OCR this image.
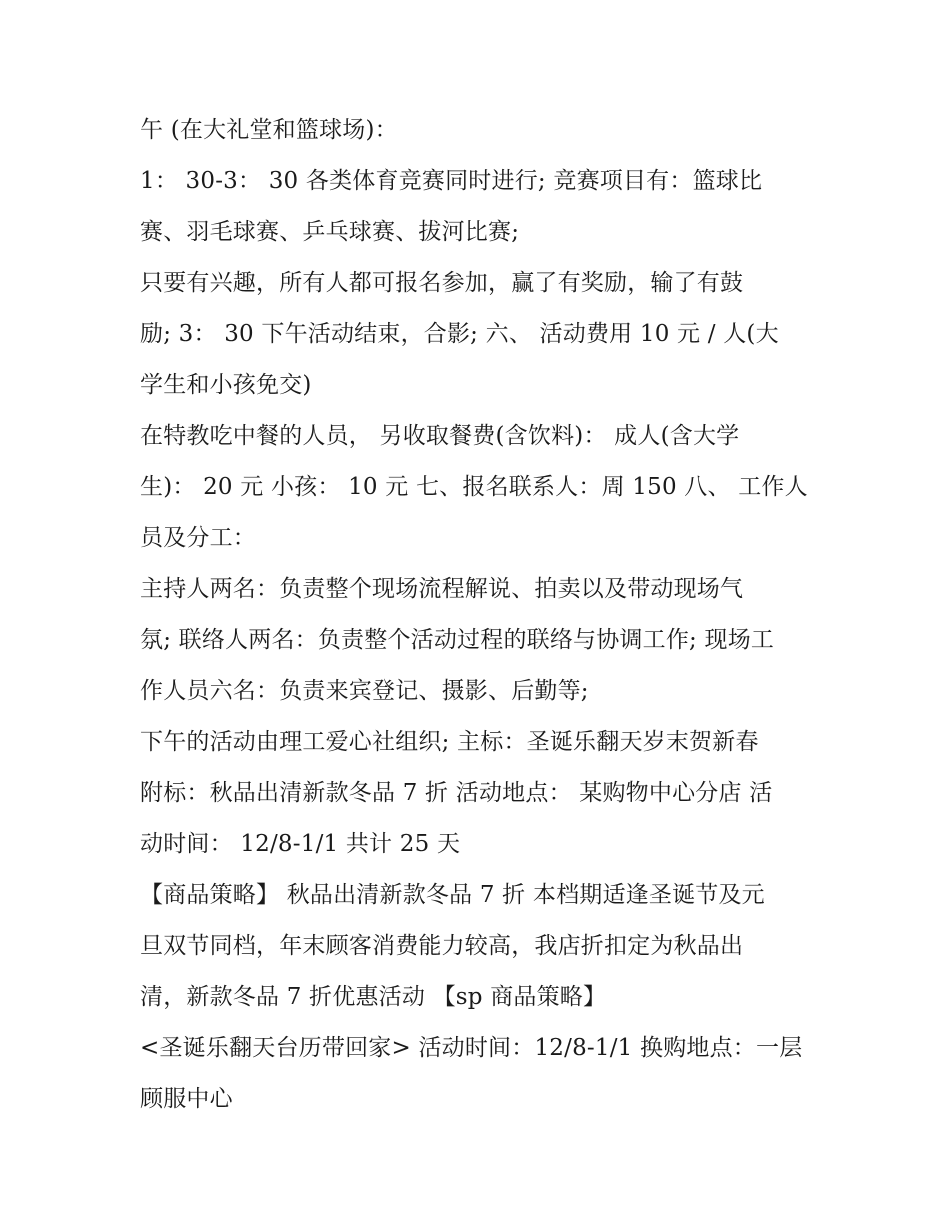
午 (在大礼堂和篮球场)：
1： 30-3： 30 各类体育竞赛同时进行; 竞赛项目有：篮球比
赛、羽毛球赛、乒乓球赛、拔河比赛;
只要有兴趣，所有人都可报名参加，赢了有奖励，输了有鼓
励; 3： 30 下午活动结束，合影; 六、 活动费用 10 元 / 人(大
学生和小孩免交)
在特教吃中餐的人员， 另收取餐费(含饮料)： 成人(含大学
生)： 20 元 小孩： 10 元 七、报名联系人：周 150 八、 工作人
员及分工：
主持人两名：负责整个现场流程解说、拍卖以及带动现场气
氛; 联络人两名：负责整个活动过程的联络与协调工作; 现场工
作人员六名：负责来宾登记、摄影、后勤等;
下午的活动由理工爱心社组织; 主标：圣诞乐翻天岁末贺新春
附标：秋品出清新款冬品 7 折 活动地点： 某购物中心分店 活
动时间： 12/8-1/1 共计 25 天
【商品策略】 秋品出清新款冬品 7 折 本档期适逢圣诞节及元
旦双节同档，年末顾客消费能力较高，我店折扣定为秋品出
清，新款冬品 7 折优惠活动 【sp 商品策略】
<圣诞乐翻天台历带回家> 活动时间：12/8-1/1 换购地点：一层
顾服中心
